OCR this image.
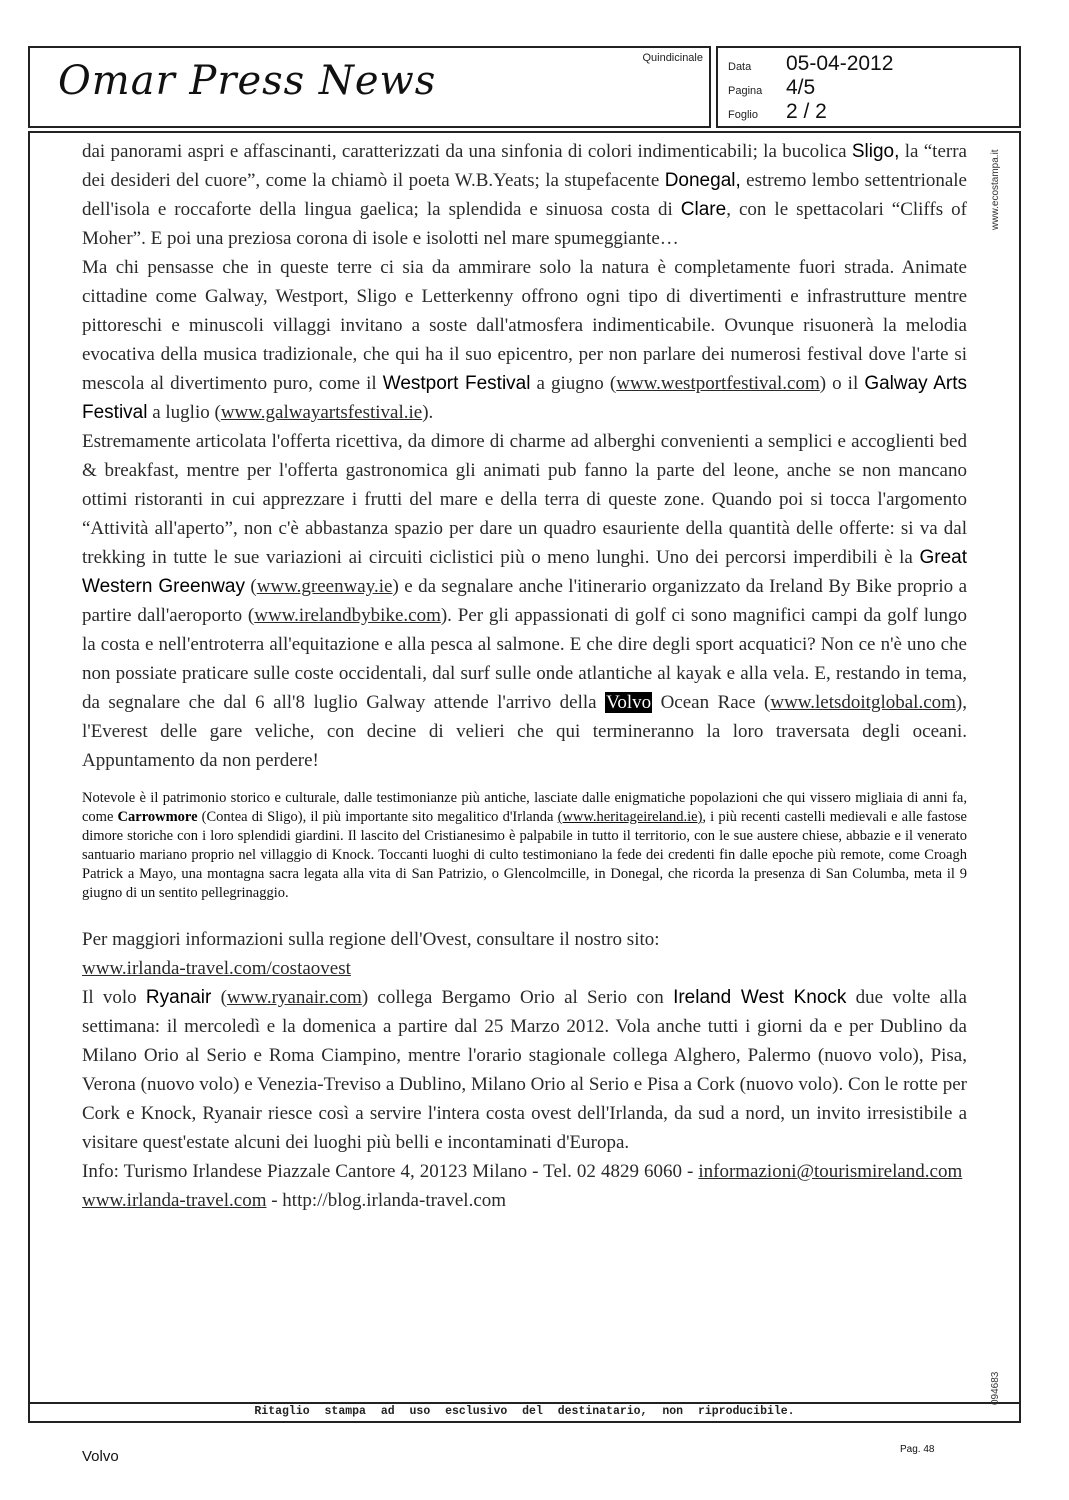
Omar Press News	Quindicinale
Data	05-04-2012
Pagina	4/5
Foglio	2 / 2

dai panorami aspri e affascinanti, caratterizzati da una sinfonia di colori indimenticabili; la bucolica Sligo, la “terra dei desideri del cuore”, come la chiamò il poeta W.B.Yeats; la stupefacente Donegal, estremo lembo settentrionale dell'isola e roccaforte della lingua gaelica; la splendida e sinuosa costa di Clare, con le spettacolari “Cliffs of Moher”. E poi una preziosa corona di isole e isolotti nel mare spumeggiante…

Ma chi pensasse che in queste terre ci sia da ammirare solo la natura è completamente fuori strada. Animate cittadine come Galway, Westport, Sligo e Letterkenny offrono ogni tipo di divertimenti e infrastrutture mentre pittoreschi e minuscoli villaggi invitano a soste dall'atmosfera indimenticabile. Ovunque risuonerà la melodia evocativa della musica tradizionale, che qui ha il suo epicentro, per non parlare dei numerosi festival dove l'arte si mescola al divertimento puro, come il Westport Festival a giugno (www.westportfestival.com) o il Galway Arts Festival a luglio (www.galwayartsfestival.ie).

Estremamente articolata l'offerta ricettiva, da dimore di charme ad alberghi convenienti a semplici e accoglienti bed & breakfast, mentre per l'offerta gastronomica gli animati pub fanno la parte del leone, anche se non mancano ottimi ristoranti in cui apprezzare i frutti del mare e della terra di queste zone. Quando poi si tocca l'argomento “Attività all'aperto”, non c'è abbastanza spazio per dare un quadro esauriente della quantità delle offerte: si va dal trekking in tutte le sue variazioni ai circuiti ciclistici più o meno lunghi. Uno dei percorsi imperdibili è la Great Western Greenway (www.greenway.ie) e da segnalare anche l'itinerario organizzato da Ireland By Bike proprio a partire dall'aeroporto (www.irelandbybike.com). Per gli appassionati di golf ci sono magnifici campi da golf lungo la costa e nell'entroterra all'equitazione e alla pesca al salmone. E che dire degli sport acquatici? Non ce n'è uno che non possiate praticare sulle coste occidentali, dal surf sulle onde atlantiche al kayak e alla vela. E, restando in tema, da segnalare che dal 6 all'8 luglio Galway attende l'arrivo della Volvo Ocean Race (www.letsdoitglobal.com), l'Everest delle gare veliche, con decine di velieri che qui termineranno la loro traversata degli oceani. Appuntamento da non perdere!

Notevole è il patrimonio storico e culturale, dalle testimonianze più antiche, lasciate dalle enigmatiche popolazioni che qui vissero migliaia di anni fa, come Carrowmore (Contea di Sligo), il più importante sito megalitico d'Irlanda (www.heritageireland.ie), i più recenti castelli medievali e alle fastose dimore storiche con i loro splendidi giardini. Il lascito del Cristianesimo è palpabile in tutto il territorio, con le sue austere chiese, abbazie e il venerato santuario mariano proprio nel villaggio di Knock. Toccanti luoghi di culto testimoniano la fede dei credenti fin dalle epoche più remote, come Croagh Patrick a Mayo, una montagna sacra legata alla vita di San Patrizio, o Glencolmcille, in Donegal, che ricorda la presenza di San Columba, meta il 9 giugno di un sentito pellegrinaggio.

Per maggiori informazioni sulla regione dell'Ovest, consultare il nostro sito:
www.irlanda-travel.com/costaovest

Il volo Ryanair (www.ryanair.com) collega Bergamo Orio al Serio con Ireland West Knock due volte alla settimana: il mercoledì e la domenica a partire dal 25 Marzo 2012. Vola anche tutti i giorni da e per Dublino da Milano Orio al Serio e Roma Ciampino, mentre l'orario stagionale collega Alghero, Palermo (nuovo volo), Pisa, Verona (nuovo volo) e Venezia-Treviso a Dublino, Milano Orio al Serio e Pisa a Cork (nuovo volo). Con le rotte per Cork e Knock, Ryanair riesce così a servire l'intera costa ovest dell'Irlanda, da sud a nord, un invito irresistibile a visitare quest'estate alcuni dei luoghi più belli e incontaminati d'Europa.

Info: Turismo Irlandese Piazzale Cantore 4, 20123 Milano - Tel. 02 4829 6060 - informazioni@tourismireland.com  www.irlanda-travel.com - http://blog.irlanda-travel.com

Ritaglio stampa ad uso esclusivo del destinatario, non riproducibile.
www.ecostampa.it
094683
Volvo	Pag. 48
